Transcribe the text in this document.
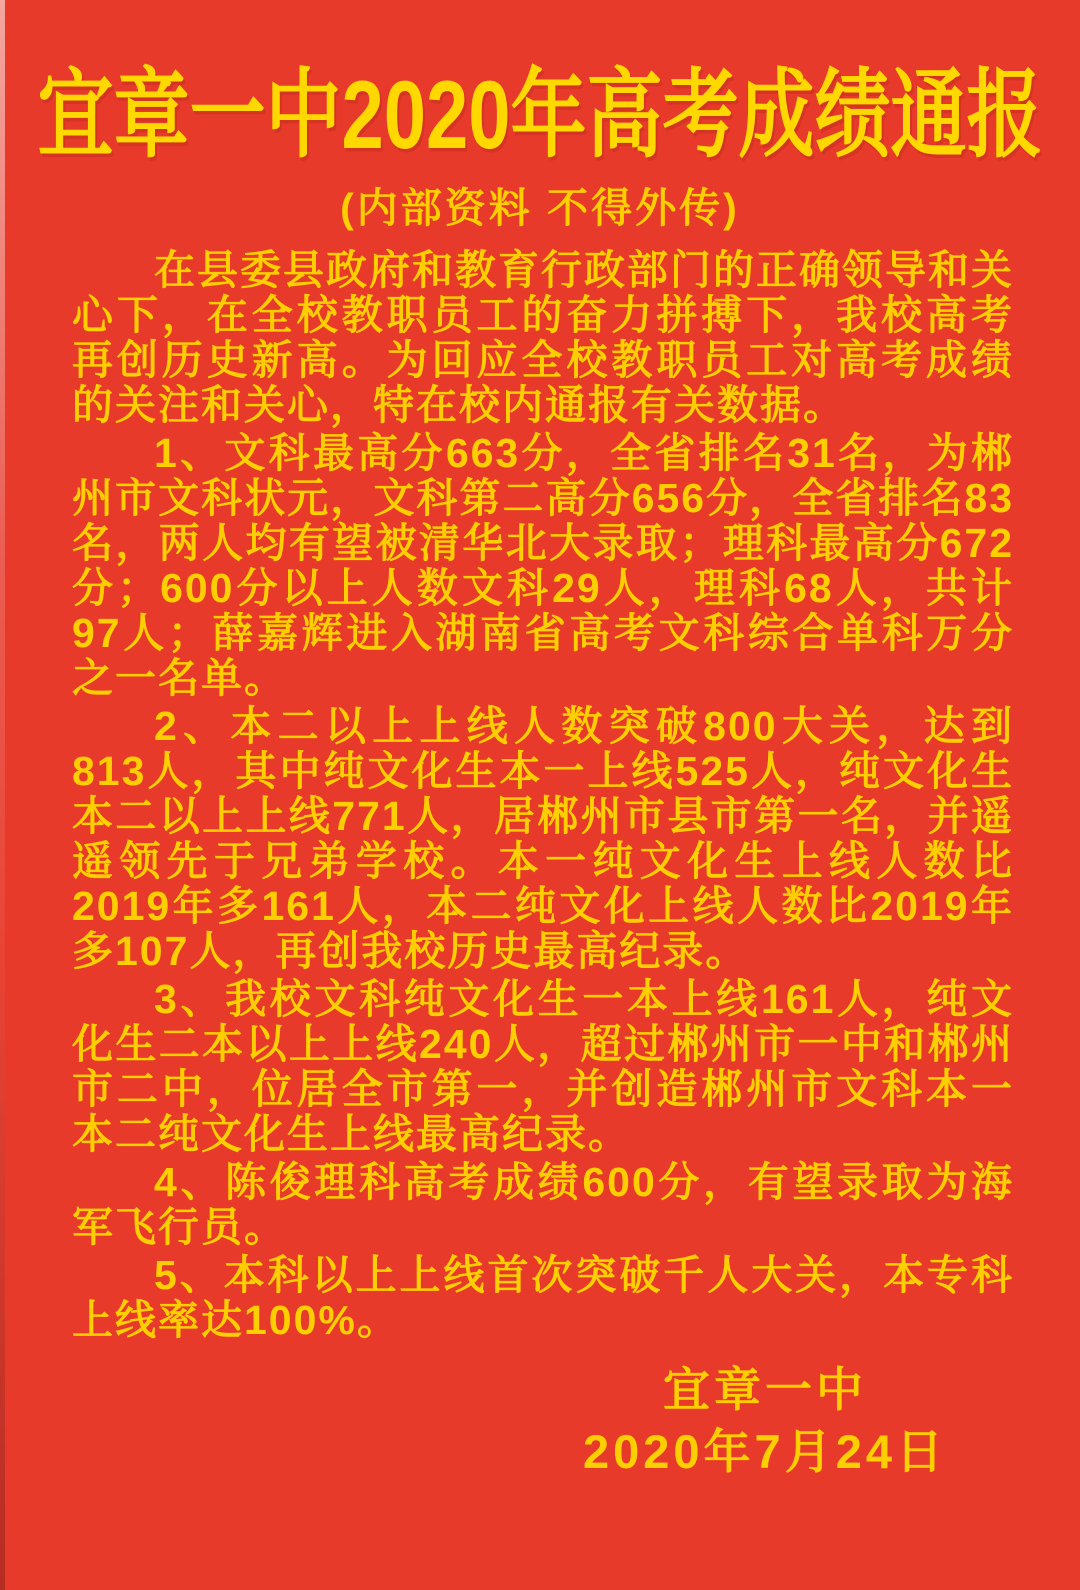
宜章一中2020年高考成绩通报
(内部资料 不得外传)

在县委县政府和教育行政部门的正确领导和关心下，在全校教职员工的奋力拼搏下，我校高考再创历史新高。为回应全校教职员工对高考成绩的关注和关心，特在校内通报有关数据。

1、文科最高分663分，全省排名31名，为郴州市文科状元，文科第二高分656分，全省排名83名，两人均有望被清华北大录取；理科最高分672分；600分以上人数文科29人，理科68人，共计97人；薛嘉辉进入湖南省高考文科综合单科万分之一名单。

2、本二以上上线人数突破800大关，达到813人，其中纯文化生本一上线525人，纯文化生本二以上上线771人，居郴州市县市第一名，并遥遥领先于兄弟学校。本一纯文化生上线人数比2019年多161人，本二纯文化上线人数比2019年多107人，再创我校历史最高纪录。

3、我校文科纯文化生一本上线161人，纯文化生二本以上上线240人，超过郴州市一中和郴州市二中，位居全市第一，并创造郴州市文科本一本二纯文化生上线最高纪录。

4、陈俊理科高考成绩600分，有望录取为海军飞行员。

5、本科以上上线首次突破千人大关，本专科上线率达100%。

宜章一中
2020年7月24日
